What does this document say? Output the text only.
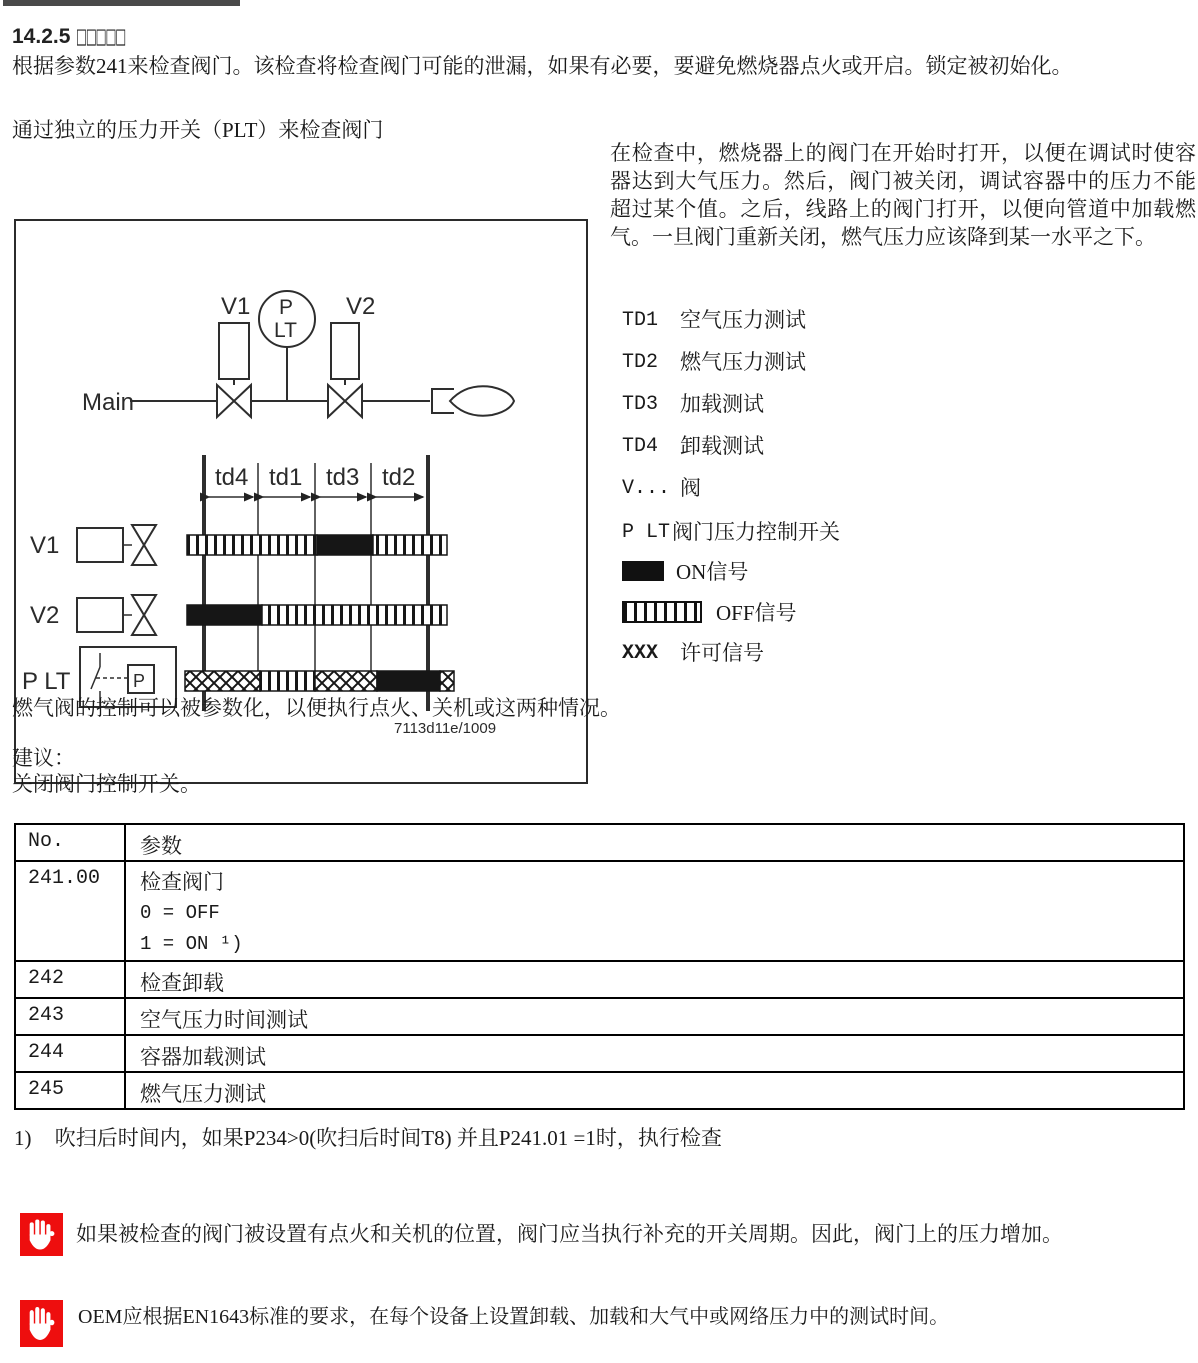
14.2.5 □□□□□
根据参数241来检查阀门。该检查将检查阀门可能的泄漏，如果有必要，要避免燃烧器点火或开启。锁定被初始化。
通过独立的压力开关（PLT）来检查阀门
在检查中，燃烧器上的阀门在开始时打开，以便在调试时使容器达到大气压力。然后，阀门被关闭，调试容器中的压力不能超过某个值。之后，线路上的阀门打开，以便向管道中加载燃气。一旦阀门重新关闭，燃气压力应该降到某一水平之下。
TD1 空气压力测试
TD2 燃气压力测试
TD3 加载测试
TD4 卸载测试
V... 阀
P LT 阀门压力控制开关
ON信号
OFF信号
XXX 许可信号
V1	V2
P
LT
Main
td4 td1 td3 td2
V1
V2
P LT	P
7113d11e/1009
燃气阀的控制可以被参数化，以便执行点火、关机或这两种情况。
建议：
关闭阀门控制开关。
No.	参数
241.00	检查阀门
0 = OFF
1 = ON ¹)

242	检查卸载
243	空气压力时间测试
244	容器加载测试
245	燃气压力测试
1) 吹扫后时间内，如果P234>0(吹扫后时间T8) 并且P241.01 =1时，执行检查
如果被检查的阀门被设置有点火和关机的位置，阀门应当执行补充的开关周期。因此，阀门上的压力增加。
OEM应根据EN1643标准的要求，在每个设备上设置卸载、加载和大气中或网络压力中的测试时间。
